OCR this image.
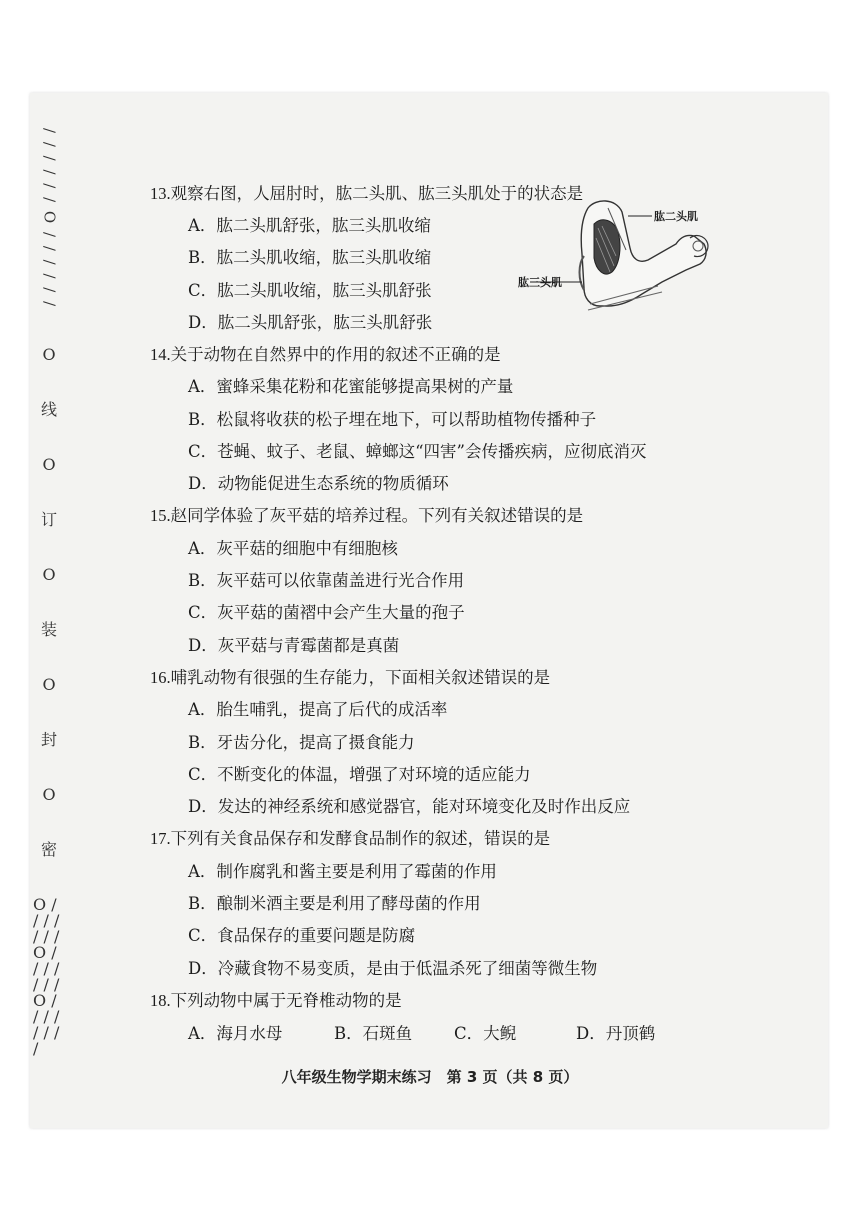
/ / / / / / O / / / / / /
O
线
O
订
O
装
O
封
O
密
O / / / / / / / O / / / / / / / O / / / / / / / /
肱二头肌
肱三头肌
13.观察右图，人屈肘时，肱二头肌、肱三头肌处于的状态是
A．肱二头肌舒张，肱三头肌收缩
B．肱二头肌收缩，肱三头肌收缩
C．肱二头肌收缩，肱三头肌舒张
D．肱二头肌舒张，肱三头肌舒张
14.关于动物在自然界中的作用的叙述不正确的是
A．蜜蜂采集花粉和花蜜能够提高果树的产量
B．松鼠将收获的松子埋在地下，可以帮助植物传播种子
C．苍蝇、蚊子、老鼠、蟑螂这“四害”会传播疾病，应彻底消灭
D．动物能促进生态系统的物质循环
15.赵同学体验了灰平菇的培养过程。下列有关叙述错误的是
A．灰平菇的细胞中有细胞核
B．灰平菇可以依靠菌盖进行光合作用
C．灰平菇的菌褶中会产生大量的孢子
D．灰平菇与青霉菌都是真菌
16.哺乳动物有很强的生存能力，下面相关叙述错误的是
A．胎生哺乳，提高了后代的成活率
B．牙齿分化，提高了摄食能力
C．不断变化的体温，增强了对环境的适应能力
D．发达的神经系统和感觉器官，能对环境变化及时作出反应
17.下列有关食品保存和发酵食品制作的叙述，错误的是
A．制作腐乳和酱主要是利用了霉菌的作用
B．酿制米酒主要是利用了酵母菌的作用
C．食品保存的重要问题是防腐
D．冷藏食物不易变质，是由于低温杀死了细菌等微生物
18.下列动物中属于无脊椎动物的是
A．海月水母	B．石斑鱼	C．大鲵	D．丹顶鹤
八年级生物学期末练习　第 3 页（共 8 页）
